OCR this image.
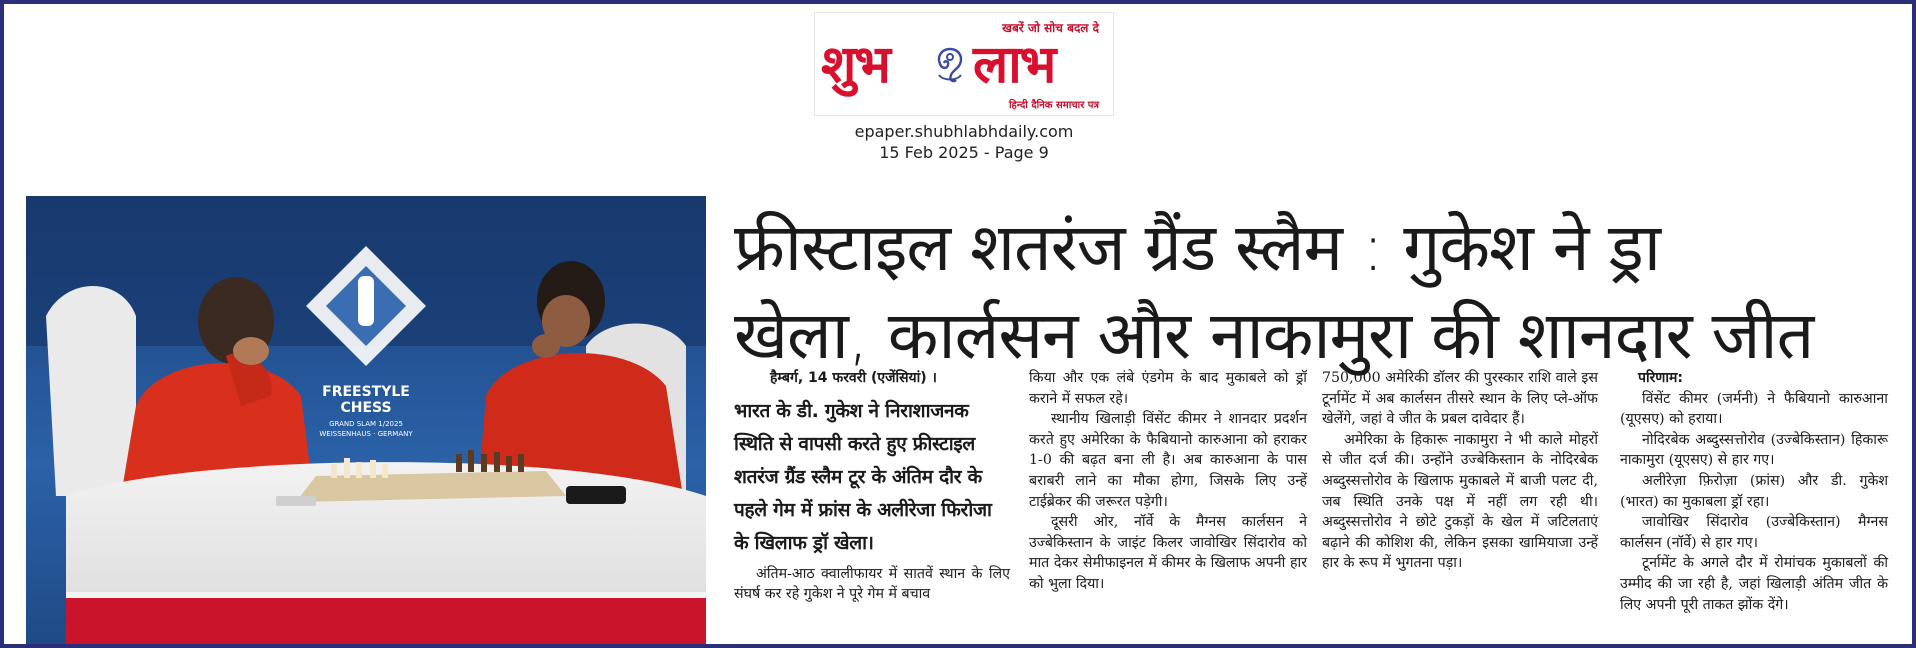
खबरें जो सोच बदल दे
शुभ लाभ
हिन्दी दैनिक समाचार पत्र
epaper.shubhlabhdaily.com
15 Feb 2025 - Page 9
FREESTYLE
CHESS
GRAND SLAM 1/2025
WEISSENHAUS · GERMANY
फ्रीस्टाइल शतरंज ग्रैंड स्लैम : गुकेश ने ड्रा
खेला, कार्लसन और नाकामुरा की शानदार जीत
हैम्बर्ग, 14 फरवरी (एजेंसियां) ।
भारत के डी. गुकेश ने निराशाजनक स्थिति से वापसी करते हुए फ्रीस्टाइल शतरंज ग्रैंड स्लैम टूर के अंतिम दौर के पहले गेम में फ्रांस के अलीरेजा फिरोजा के खिलाफ ड्रॉ खेला।

अंतिम-आठ क्वालीफायर में सातवें स्थान के लिए संघर्ष कर रहे गुकेश ने पूरे गेम में बचाव

किया और एक लंबे एंडगेम के बाद मुकाबले को ड्रॉ कराने में सफल रहे।

स्थानीय खिलाड़ी विंसेंट कीमर ने शानदार प्रदर्शन करते हुए अमेरिका के फैबियानो कारुआना को हराकर 1-0 की बढ़त बना ली है। अब कारुआना के पास बराबरी लाने का मौका होगा, जिसके लिए उन्हें टाईब्रेकर की जरूरत पड़ेगी।

दूसरी ओर, नॉर्वे के मैग्नस कार्लसन ने उज्बेकिस्तान के जाइंट किलर जावोखिर सिंदारोव को मात देकर सेमीफाइनल में कीमर के खिलाफ अपनी हार को भुला दिया।

750,000 अमेरिकी डॉलर की पुरस्कार राशि वाले इस टूर्नामेंट में अब कार्लसन तीसरे स्थान के लिए प्ले-ऑफ खेलेंगे, जहां वे जीत के प्रबल दावेदार हैं।

अमेरिका के हिकारू नाकामुरा ने भी काले मोहरों से जीत दर्ज की। उन्होंने उज्बेकिस्तान के नोदिरबेक अब्दुस्सत्तोरोव के खिलाफ मुकाबले में बाजी पलट दी, जब स्थिति उनके पक्ष में नहीं लग रही थी। अब्दुस्सत्तोरोव ने छोटे टुकड़ों के खेल में जटिलताएं बढ़ाने की कोशिश की, लेकिन इसका खामियाजा उन्हें हार के रूप में भुगतना पड़ा।

परिणाम:

विंसेंट कीमर (जर्मनी) ने फैबियानो कारुआना (यूएसए) को हराया।

नोदिरबेक अब्दुस्सत्तोरोव (उज्बेकिस्तान) हिकारू नाकामुरा (यूएसए) से हार गए।

अलीरेज़ा फ़िरोज़ा (फ्रांस) और डी. गुकेश (भारत) का मुकाबला ड्रॉ रहा।

जावोखिर सिंदारोव (उज्बेकिस्तान) मैग्नस कार्लसन (नॉर्वे) से हार गए।

टूर्नामेंट के अगले दौर में रोमांचक मुकाबलों की उम्मीद की जा रही है, जहां खिलाड़ी अंतिम जीत के लिए अपनी पूरी ताकत झोंक देंगे।
